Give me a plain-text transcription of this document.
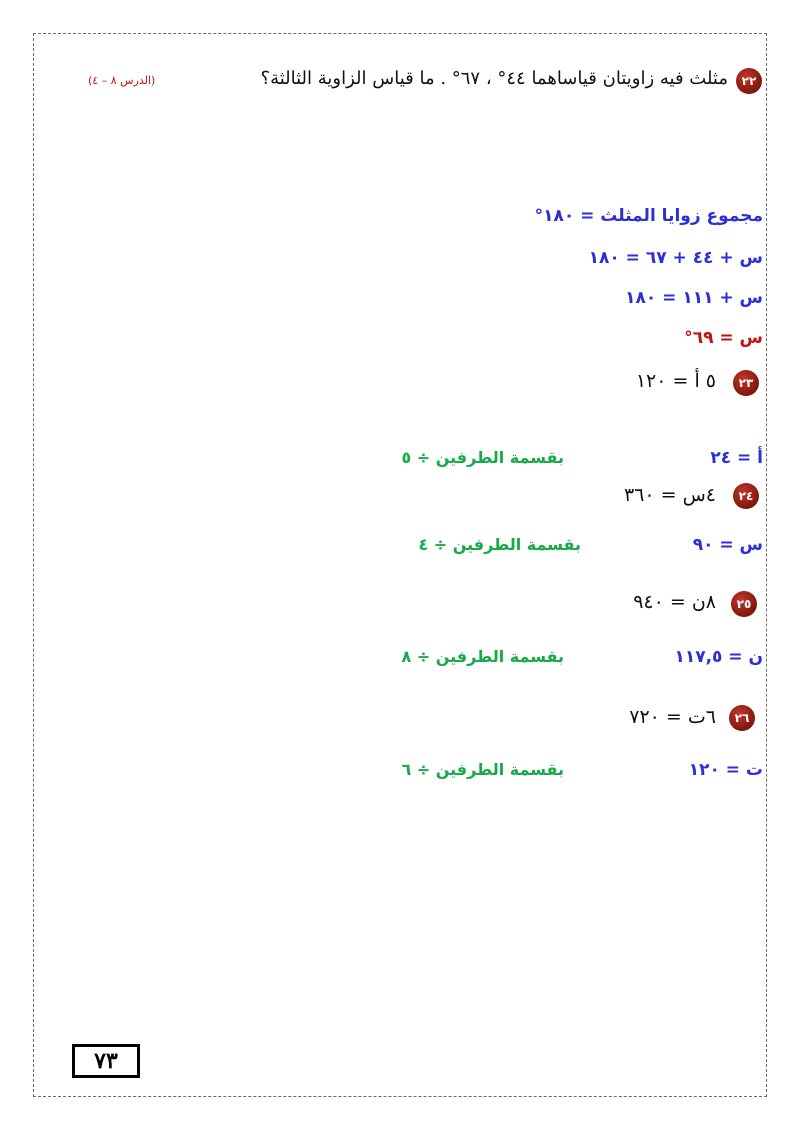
٢٢
مثلث فيه زاويتان قياساهما ٤٤° ، ٦٧° . ما قياس الزاوية الثالثة؟
(الدرس ٨ – ٤)
مجموع زوايا المثلث = ١٨٠°
س + ٤٤ + ٦٧ = ١٨٠
س + ١١١ = ١٨٠
س = ٦٩°
٢٣
٥ أ = ١٢٠
أ = ٢٤
بقسمة الطرفين ÷ ٥
٢٤
٤س = ٣٦٠
س = ٩٠
بقسمة الطرفين ÷ ٤
٢٥
٨ن = ٩٤٠
ن = ١١٧,٥
بقسمة الطرفين ÷ ٨
٢٦
٦ت = ٧٢٠
ت = ١٢٠
بقسمة الطرفين ÷ ٦
٧٣
